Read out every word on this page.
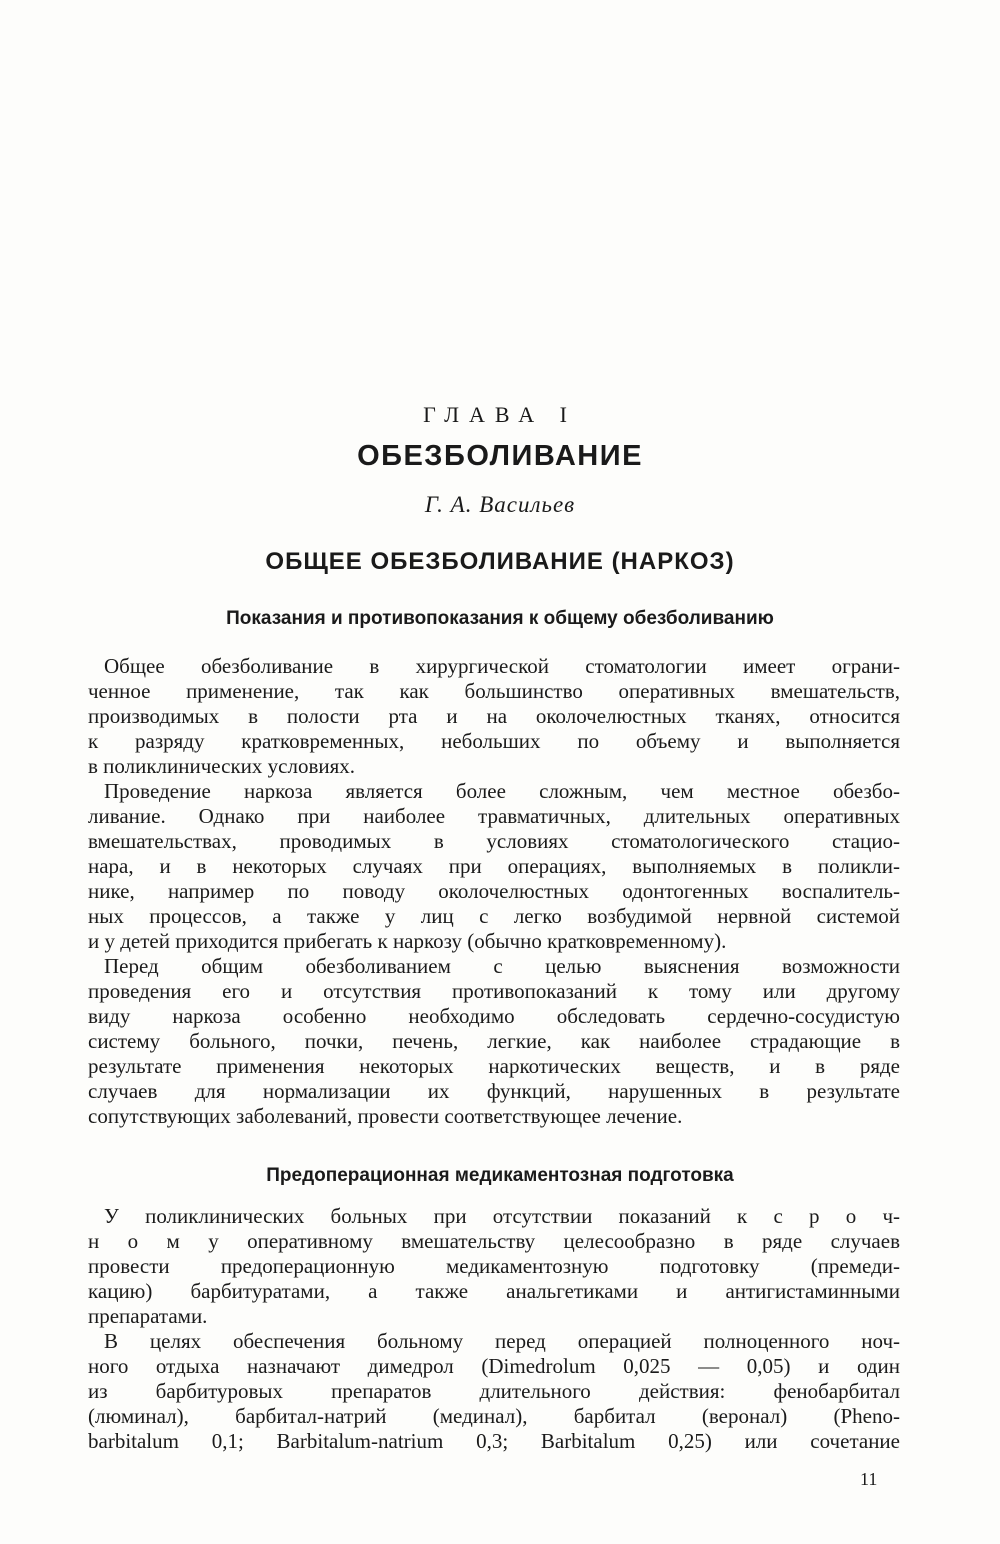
ГЛАВА I
ОБЕЗБОЛИВАНИЕ
Г. А. Васильев
ОБЩЕЕ ОБЕЗБОЛИВАНИЕ (НАРКОЗ)
Показания и противопоказания к общему обезболиванию
Общее обезболивание в хирургической стоматологии имеет ограни-
ченное применение, так как большинство оперативных вмешательств,
производимых в полости рта и на околочелюстных тканях, относится
к разряду кратковременных, небольших по объему и выполняется
в поликлинических условиях.
Проведение наркоза является более сложным, чем местное обезбо-
ливание. Однако при наиболее травматичных, длительных оперативных
вмешательствах, проводимых в условиях стоматологического стацио-
нара, и в некоторых случаях при операциях, выполняемых в поликли-
нике, например по поводу околочелюстных одонтогенных воспалитель-
ных процессов, а также у лиц с легко возбудимой нервной системой
и у детей приходится прибегать к наркозу (обычно кратковременному).
Перед общим обезболиванием с целью выяснения возможности
проведения его и отсутствия противопоказаний к тому или другому
виду наркоза особенно необходимо обследовать сердечно-сосудистую
систему больного, почки, печень, легкие, как наиболее страдающие в
результате применения некоторых наркотических веществ, и в ряде
случаев для нормализации их функций, нарушенных в результате
сопутствующих заболеваний, провести соответствующее лечение.
Предоперационная медикаментозная подготовка
У поликлинических больных при отсутствии показаний к с р о ч-
н о м у оперативному вмешательству целесообразно в ряде случаев
провести предоперационную медикаментозную подготовку (премеди-
кацию) барбитуратами, а также анальгетиками и антигистаминными
препаратами.
В целях обеспечения больному перед операцией полноценного ноч-
ного отдыха назначают димедрол (Dimedrolum 0,025 — 0,05) и один
из барбитуровых препаратов длительного действия: фенобарбитал
(люминал), барбитал-натрий (мединал), барбитал (веронал) (Pheno-
barbitalum 0,1; Barbitalum-natrium 0,3; Barbitalum 0,25) или сочетание
11
